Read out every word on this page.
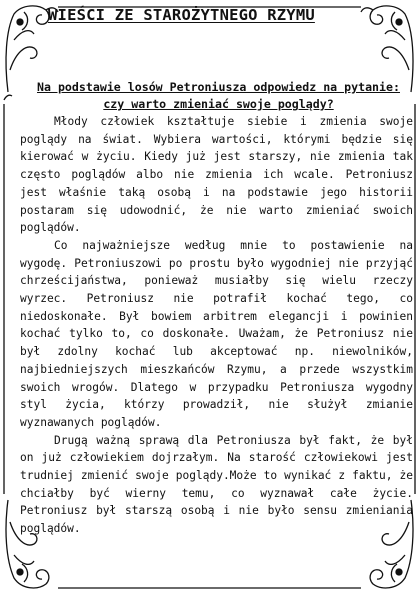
WIEŚCI ZE STAROŻYTNEGO RZYMU

Na podstawie losów Petroniusza odpowiedz na pytanie: czy warto zmieniać swoje poglądy?

Młody człowiek kształtuje siebie i zmienia swoje poglądy na świat. Wybiera wartości, którymi będzie się kierować w życiu. Kiedy już jest starszy, nie zmienia tak często poglądów albo nie zmienia ich wcale. Petroniusz jest właśnie taką osobą i na podstawie jego historii postaram się udowodnić, że nie warto zmieniać swoich poglądów.

Co najważniejsze według mnie to postawienie na wygodę. Petroniuszowi po prostu było wygodniej nie przyjąć chrześcijaństwa, ponieważ musiałby się wielu rzeczy wyrzec. Petroniusz nie potrafił kochać tego, co niedoskonałe. Był bowiem arbitrem elegancji i powinien kochać tylko to, co doskonałe. Uważam, że Petroniusz nie był zdolny kochać lub akceptować np. niewolników, najbiedniejszych mieszkańców Rzymu, a przede wszystkim swoich wrogów. Dlatego w przypadku Petroniusza wygodny styl życia, którzy prowadził, nie służył zmianie wyznawanych poglądów.

Drugą ważną sprawą dla Petroniusza był fakt, że był on już człowiekiem dojrzałym. Na starość człowiekowi jest trudniej zmienić swoje poglądy.Może to wynikać z faktu, że chciałby być wierny temu, co wyznawał całe życie. Petroniusz był starszą osobą i nie było sensu zmieniania poglądów.
